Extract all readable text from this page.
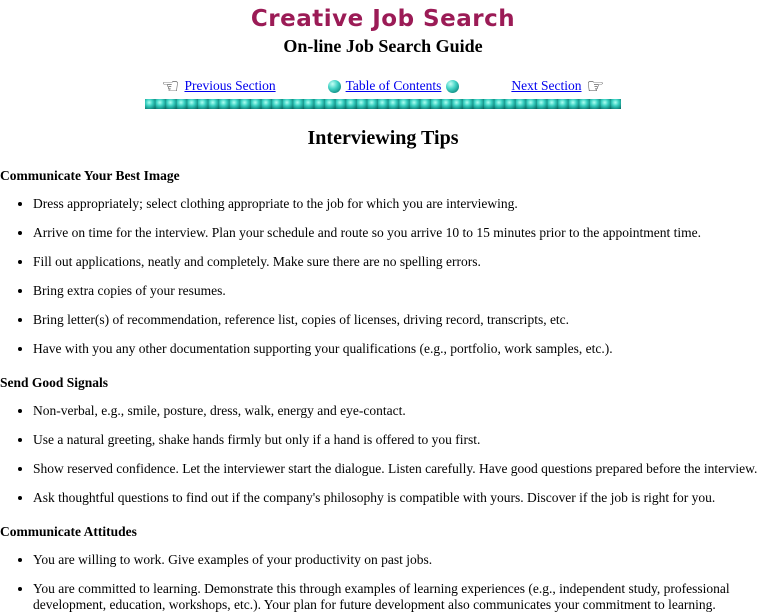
Creative Job Search
On-line Job Search Guide
☜ Previous Section	Table of Contents	Next Section ☞
Interviewing Tips
Communicate Your Best Image
• Dress appropriately; select clothing appropriate to the job for which you are interviewing.
• Arrive on time for the interview. Plan your schedule and route so you arrive 10 to 15 minutes prior to the appointment time.
• Fill out applications, neatly and completely. Make sure there are no spelling errors.
• Bring extra copies of your resumes.
• Bring letter(s) of recommendation, reference list, copies of licenses, driving record, transcripts, etc.
• Have with you any other documentation supporting your qualifications (e.g., portfolio, work samples, etc.).
Send Good Signals
• Non-verbal, e.g., smile, posture, dress, walk, energy and eye-contact.
• Use a natural greeting, shake hands firmly but only if a hand is offered to you first.
• Show reserved confidence. Let the interviewer start the dialogue. Listen carefully. Have good questions prepared before the interview.
• Ask thoughtful questions to find out if the company's philosophy is compatible with yours. Discover if the job is right for you.
Communicate Attitudes
• You are willing to work. Give examples of your productivity on past jobs.
• You are committed to learning. Demonstrate this through examples of learning experiences (e.g., independent study, professional development, education, workshops, etc.). Your plan for future development also communicates your commitment to learning.
